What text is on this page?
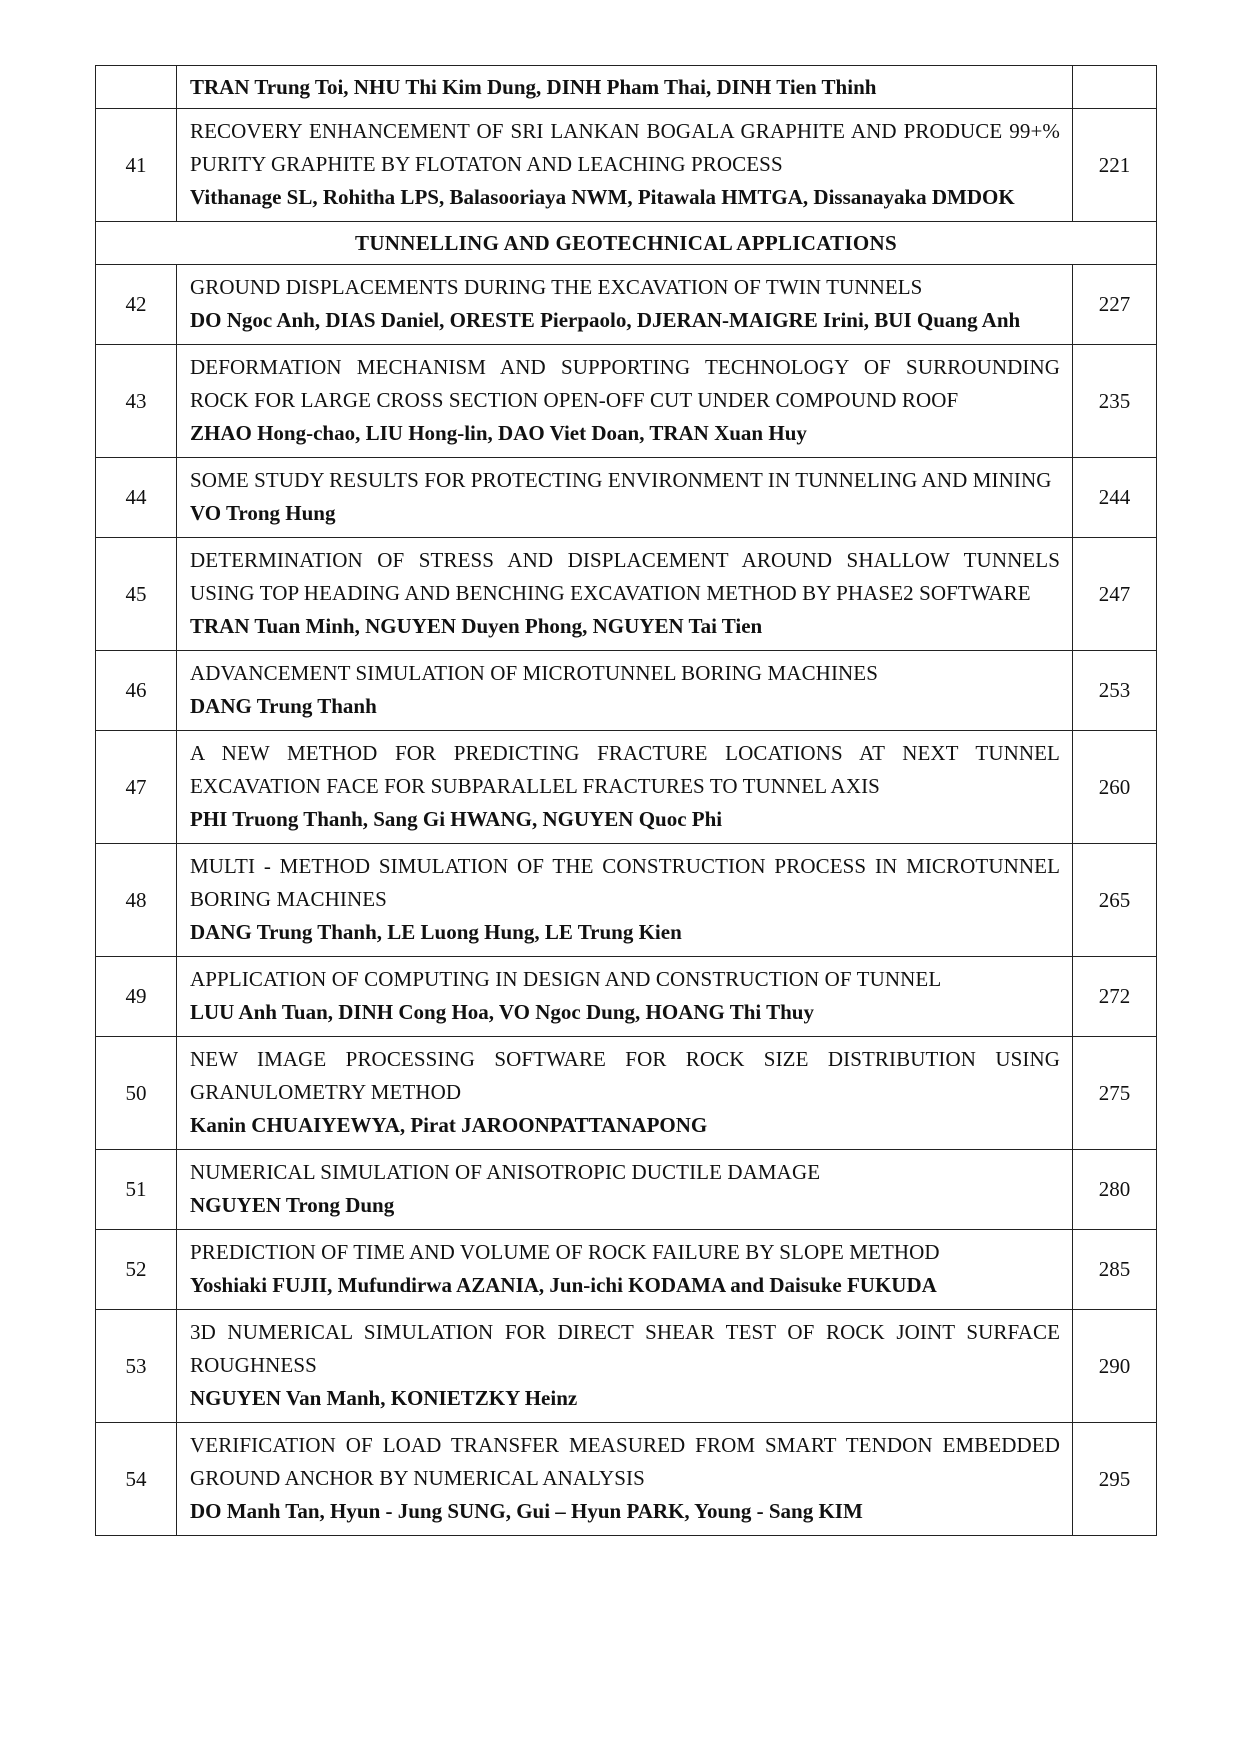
	TRAN Trung Toi, NHU Thi Kim Dung, DINH Pham Thai, DINH Tien Thinh	

41	RECOVERY ENHANCEMENT OF SRI LANKAN BOGALA GRAPHITE AND PRODUCE 99+% PURITY GRAPHITE BY FLOTATON AND LEACHING PROCESS
Vithanage SL, Rohitha LPS, Balasooriaya NWM, Pitawala HMTGA, Dissanayaka DMDOK	221
TUNNELLING AND GEOTECHNICAL APPLICATIONS		
42	GROUND DISPLACEMENTS DURING THE EXCAVATION OF TWIN TUNNELS
DO Ngoc Anh, DIAS Daniel, ORESTE Pierpaolo, DJERAN-MAIGRE Irini, BUI Quang Anh	227
43	DEFORMATION MECHANISM AND SUPPORTING TECHNOLOGY OF SURROUNDING ROCK FOR LARGE CROSS SECTION OPEN-OFF CUT UNDER COMPOUND ROOF
ZHAO Hong-chao, LIU Hong-lin, DAO Viet Doan, TRAN Xuan Huy	235
44	SOME STUDY RESULTS FOR PROTECTING ENVIRONMENT IN TUNNELING AND MINING
VO Trong Hung	244
45	DETERMINATION OF STRESS AND DISPLACEMENT AROUND SHALLOW TUNNELS USING TOP HEADING AND BENCHING EXCAVATION METHOD BY PHASE2 SOFTWARE
TRAN Tuan Minh, NGUYEN Duyen Phong, NGUYEN Tai Tien	247
46	ADVANCEMENT SIMULATION OF MICROTUNNEL BORING MACHINES
DANG Trung Thanh	253
47	A NEW METHOD FOR PREDICTING FRACTURE LOCATIONS AT NEXT TUNNEL EXCAVATION FACE FOR SUBPARALLEL FRACTURES TO TUNNEL AXIS
PHI Truong Thanh, Sang Gi HWANG, NGUYEN Quoc Phi	260
48	MULTI - METHOD SIMULATION OF THE CONSTRUCTION PROCESS IN MICROTUNNEL BORING MACHINES
DANG Trung Thanh, LE Luong Hung, LE Trung Kien	265
49	APPLICATION OF COMPUTING IN DESIGN AND CONSTRUCTION OF TUNNEL
LUU Anh Tuan, DINH Cong Hoa, VO Ngoc Dung, HOANG Thi Thuy	272
50	NEW IMAGE PROCESSING SOFTWARE FOR ROCK SIZE DISTRIBUTION USING GRANULOMETRY METHOD
Kanin CHUAIYEWYA, Pirat JAROONPATTANAPONG	275
51	NUMERICAL SIMULATION OF ANISOTROPIC DUCTILE DAMAGE
NGUYEN Trong Dung	280
52	PREDICTION OF TIME AND VOLUME OF ROCK FAILURE BY SLOPE METHOD
Yoshiaki FUJII, Mufundirwa AZANIA, Jun-ichi KODAMA and Daisuke FUKUDA	285
53	3D NUMERICAL SIMULATION FOR DIRECT SHEAR TEST OF ROCK JOINT SURFACE ROUGHNESS
NGUYEN Van Manh, KONIETZKY Heinz	290
54	VERIFICATION OF LOAD TRANSFER MEASURED FROM SMART TENDON EMBEDDED GROUND ANCHOR BY NUMERICAL ANALYSIS
DO Manh Tan, Hyun - Jung SUNG, Gui – Hyun PARK, Young - Sang KIM	295
